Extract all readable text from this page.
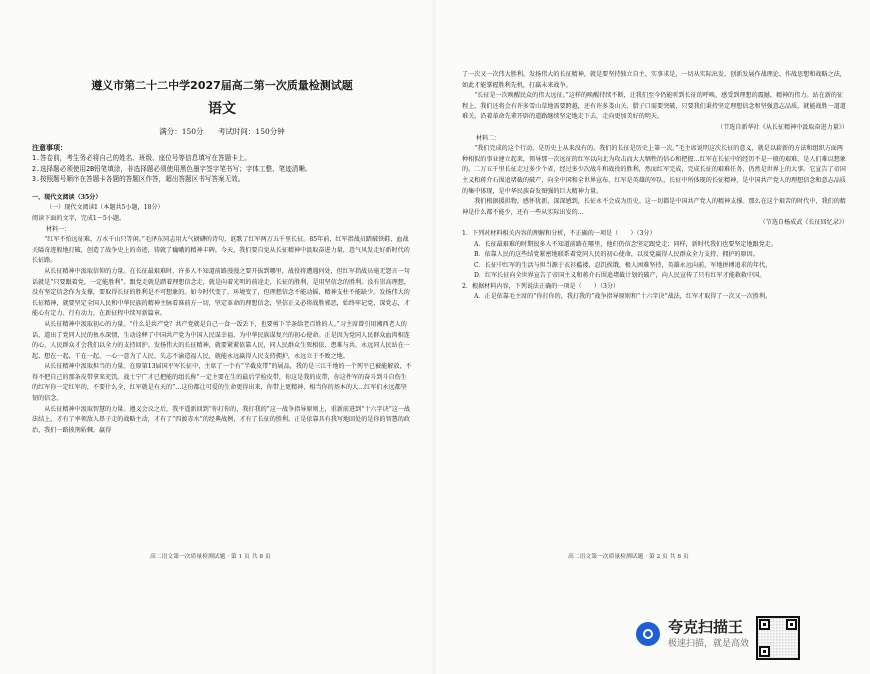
遵义市第二十二中学2027届高二第一次质量检测试题
语文
满分：150分 考试时间：150分钟
注意事项：
1.答卷前，考生务必将自己的姓名、班级、座位号等信息填写在答题卡上。
2.选择题必须使用2B铅笔填涂，非选择题必须使用黑色墨字签字笔书写；字体工整、笔迹清晰。
3.按照题号顺序在答题卡各题的答题区作答，超出答题区书写答案无效。
一、现代文阅读（35分）
（一）现代文阅读Ⅰ（本题共5小题，18分）
阅读下面的文字，完成1～5小题。
材料一：

“红军不怕远征难，万水千山只等闲。”毛泽东同志用大气磅礴的诗句，讴歌了红军两万五千里长征。85年前，红军指战员踏破铁鞋、血战关隘奇迹般地打破，创造了战争史上的奇迹，铸就了巍峨的精神丰碑。今天，我们要自觉从长征精神中汲取奋进力量，意气风发走好新时代的长征路。

从长征精神中汲取信仰的力量。在长征最艰难时，许多人不知道前路漫漫之要开拔到哪里，战役将遭遇何处，但红军指战员毫无怨言一句话就是“只要跟着党，一定能胜利”。跟党走就是踏着理想信念走，就是向着光明的前途走，长征的胜利，是用坚信念的胜利。没有崇高理想，没有坚定信念作为支撑，要取得长征的胜利是不可想象的。如今时代变了、环境变了，但理想信念不能动摇、精神支柱不能缺少。发扬伟大的长征精神，就要坚定全国人民和中华民族的精神主脉看准前方一切，坚定革命的理想信念，坚信正义必将战胜邪恶，始终牢记党、深党志，才能心有定力、行有动力，在新征程中续写新篇章。

从长征精神中汲取初心的力量。“什么是共产党？共产党就是自己一食一饭丢下，也要剪下半条给老百姓的人。”习主席曾引用湘西老人的话，道出了党同人民的鱼水深情，生动诠释了中国共产党为中国人民谋幸福、为中华民族谋复兴的初心使命。正是因为党同人民群众血肉相连的心，人民群众才会我们以全力的支持回护。发扬伟大的长征精神，就要紧紧依靠人民，同人民群众生死相依、患难与共，永远同人民站在一起、想在一起、干在一起，一心一意为了人民、失志不渝造福人民，就能永远赢得人民支持拥护，永远立于不败之地。

从长征精神中汲取担当的力量。在原第13届国平军长征中，主席了一个有“半截皮带”的展品，我的是三江千地的一个列平已被能解放，不得不把自己的那条皮带拿来充饥。战士宁广才已把能的组长称“一定主要在生的最后学检皮带，你这是我的皮带，你这件军的奋斗到斗自伤生的红军你一定红军的，不要什么全，红军就是有天的”…这份都让可爱的生命更得出来，你带上更精神，相当你的基本的大…红军们永远都坚韧的信念。

从长征精神中汲取智慧的力量。遵义会议之后，我平遥新回到“你打你的，我打我的”这一战争指导原则上，重新前进到“十六字诀”这一战法结上，才有了率领敌人鼻子走的战略主动，才有了“四渡赤水”的经典战例，才有了长征的胜利。正是依靠具有我写地回处的是你的智慧的政治，我们一路披荆斩棘，赢得

高二语文第一次质量检测试题 · 第 1 页 共 8 页

了一次又一次伟大胜利。发扬伟大的长征精神，就是要坚持独立自主、实事求是，一切从实际出发，创新发展作战理论、作战思想和战略之法，如此才能掌握胜利先机，打赢未来战争。

“长征是一次唤醒民众的伟大远征。”这样的唤醒持续不断，让我们至今仍能听到长征的呼唤，感受到理想的震撼、精神的伟力。站在新的征程上，我们还将会有许多雪山草地需要跨越，还有许多娄山关、腊子口需要突破，只要我们秉持坚定理想信念和坚强意志品质，就能战胜一道道难关，沿着革命先辈开辟的道路继续坚定地走下去，走向更加美好的明天。

（节选自新华社《从长征精神中汲取奋进力量》）
材料二：

“我们完成的这个行动，是历史上从来没有的。我们的长征是历史上第一次。”毛主席说明这次长征的意义，就是以崭新的方法和组织方面两种相似的事业建立起来，领导那一次远征的红军以向北为攻击而大大牺牲的信心和把握…红军在长征中的经历不是一般的艰难，是人们难以想象的。二万五千里长征走过多少个省，经过多少次战斗和战役的胜利，然而红军完成，完成长征的艰难任务，仍然是世界上的大事。它宣告了帝国主义和蒋介石围追堵截的破产，向全中国和全世界宣布，红军是英雄的军队，长征中所体现的长征精神，是中国共产党人的理想信念和意志品质的集中体现，是中华民族奋发图强的巨大精神力量。

我们根据援拱物，感怀犹新，深深感到，长征永不会成为历史。这一切都是中国共产党人的精神支撑。那么在这个艰苦的时代中，我们的精神是什么都不能少，还有一些从实际出发的…

（节选自杨成武《长征回忆录》）

1．下列对材料相关内容的理解和分析，不正确的一项是（　　）（3分）

A．长征最艰难的时期很多人不知道前路在哪里，他们仍信念坚定跟党走；同样，新时代我们也要坚定地跟党走。

B．依靠人民的这些结党紧密地联系着党同人民的初心使命，以及党赢得人民群众全力支持、拥护的原因。

C．长征中红军的生活与担当源于衣衫褴褛、忍饥挨饿，极人困难坚持，英雄永远向前，军地拼搏追求的年代。

D．红军长征向全世界宣告了帝国主义和蒋介石围追堵截计划的破产，向人民宣传了只有红军才能救救中国。

2．根据材料内容，下列说法正确的一项是（　　）（3分）

A．正是依靠毛主席的“你打你的，我打我的”战争指导原则和“十六字诀”战法，红军才取得了一次又一次胜利。

高二语文第一次质量检测试题 · 第 2 页 共 8 页
夸克扫描王
极速扫描，就是高效
